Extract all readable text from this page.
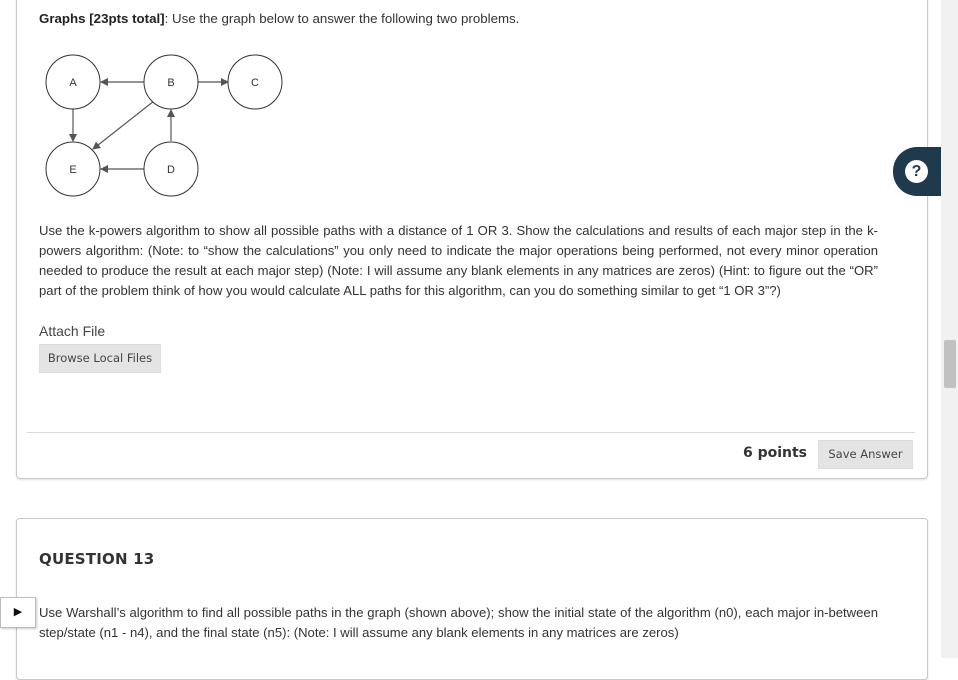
Graphs [23pts total]: Use the graph below to answer the following two problems.
A	B	C
E	D
Use the k-powers algorithm to show all possible paths with a distance of 1 OR 3. Show the calculations and results of each major step in the k-powers algorithm: (Note: to “show the calculations” you only need to indicate the major operations being performed, not every minor operation needed to produce the result at each major step) (Note: I will assume any blank elements in any matrices are zeros) (Hint: to figure out the “OR” part of the problem think of how you would calculate ALL paths for this algorithm, can you do something similar to get “1 OR 3”?)
Attach File
Browse Local Files
6 points	Save Answer
?
QUESTION 13
▶	Use Warshall’s algorithm to find all possible paths in the graph (shown above); show the initial state of the algorithm (n0), each major in-between step/state (n1 - n4), and the final state (n5): (Note: I will assume any blank elements in any matrices are zeros)
